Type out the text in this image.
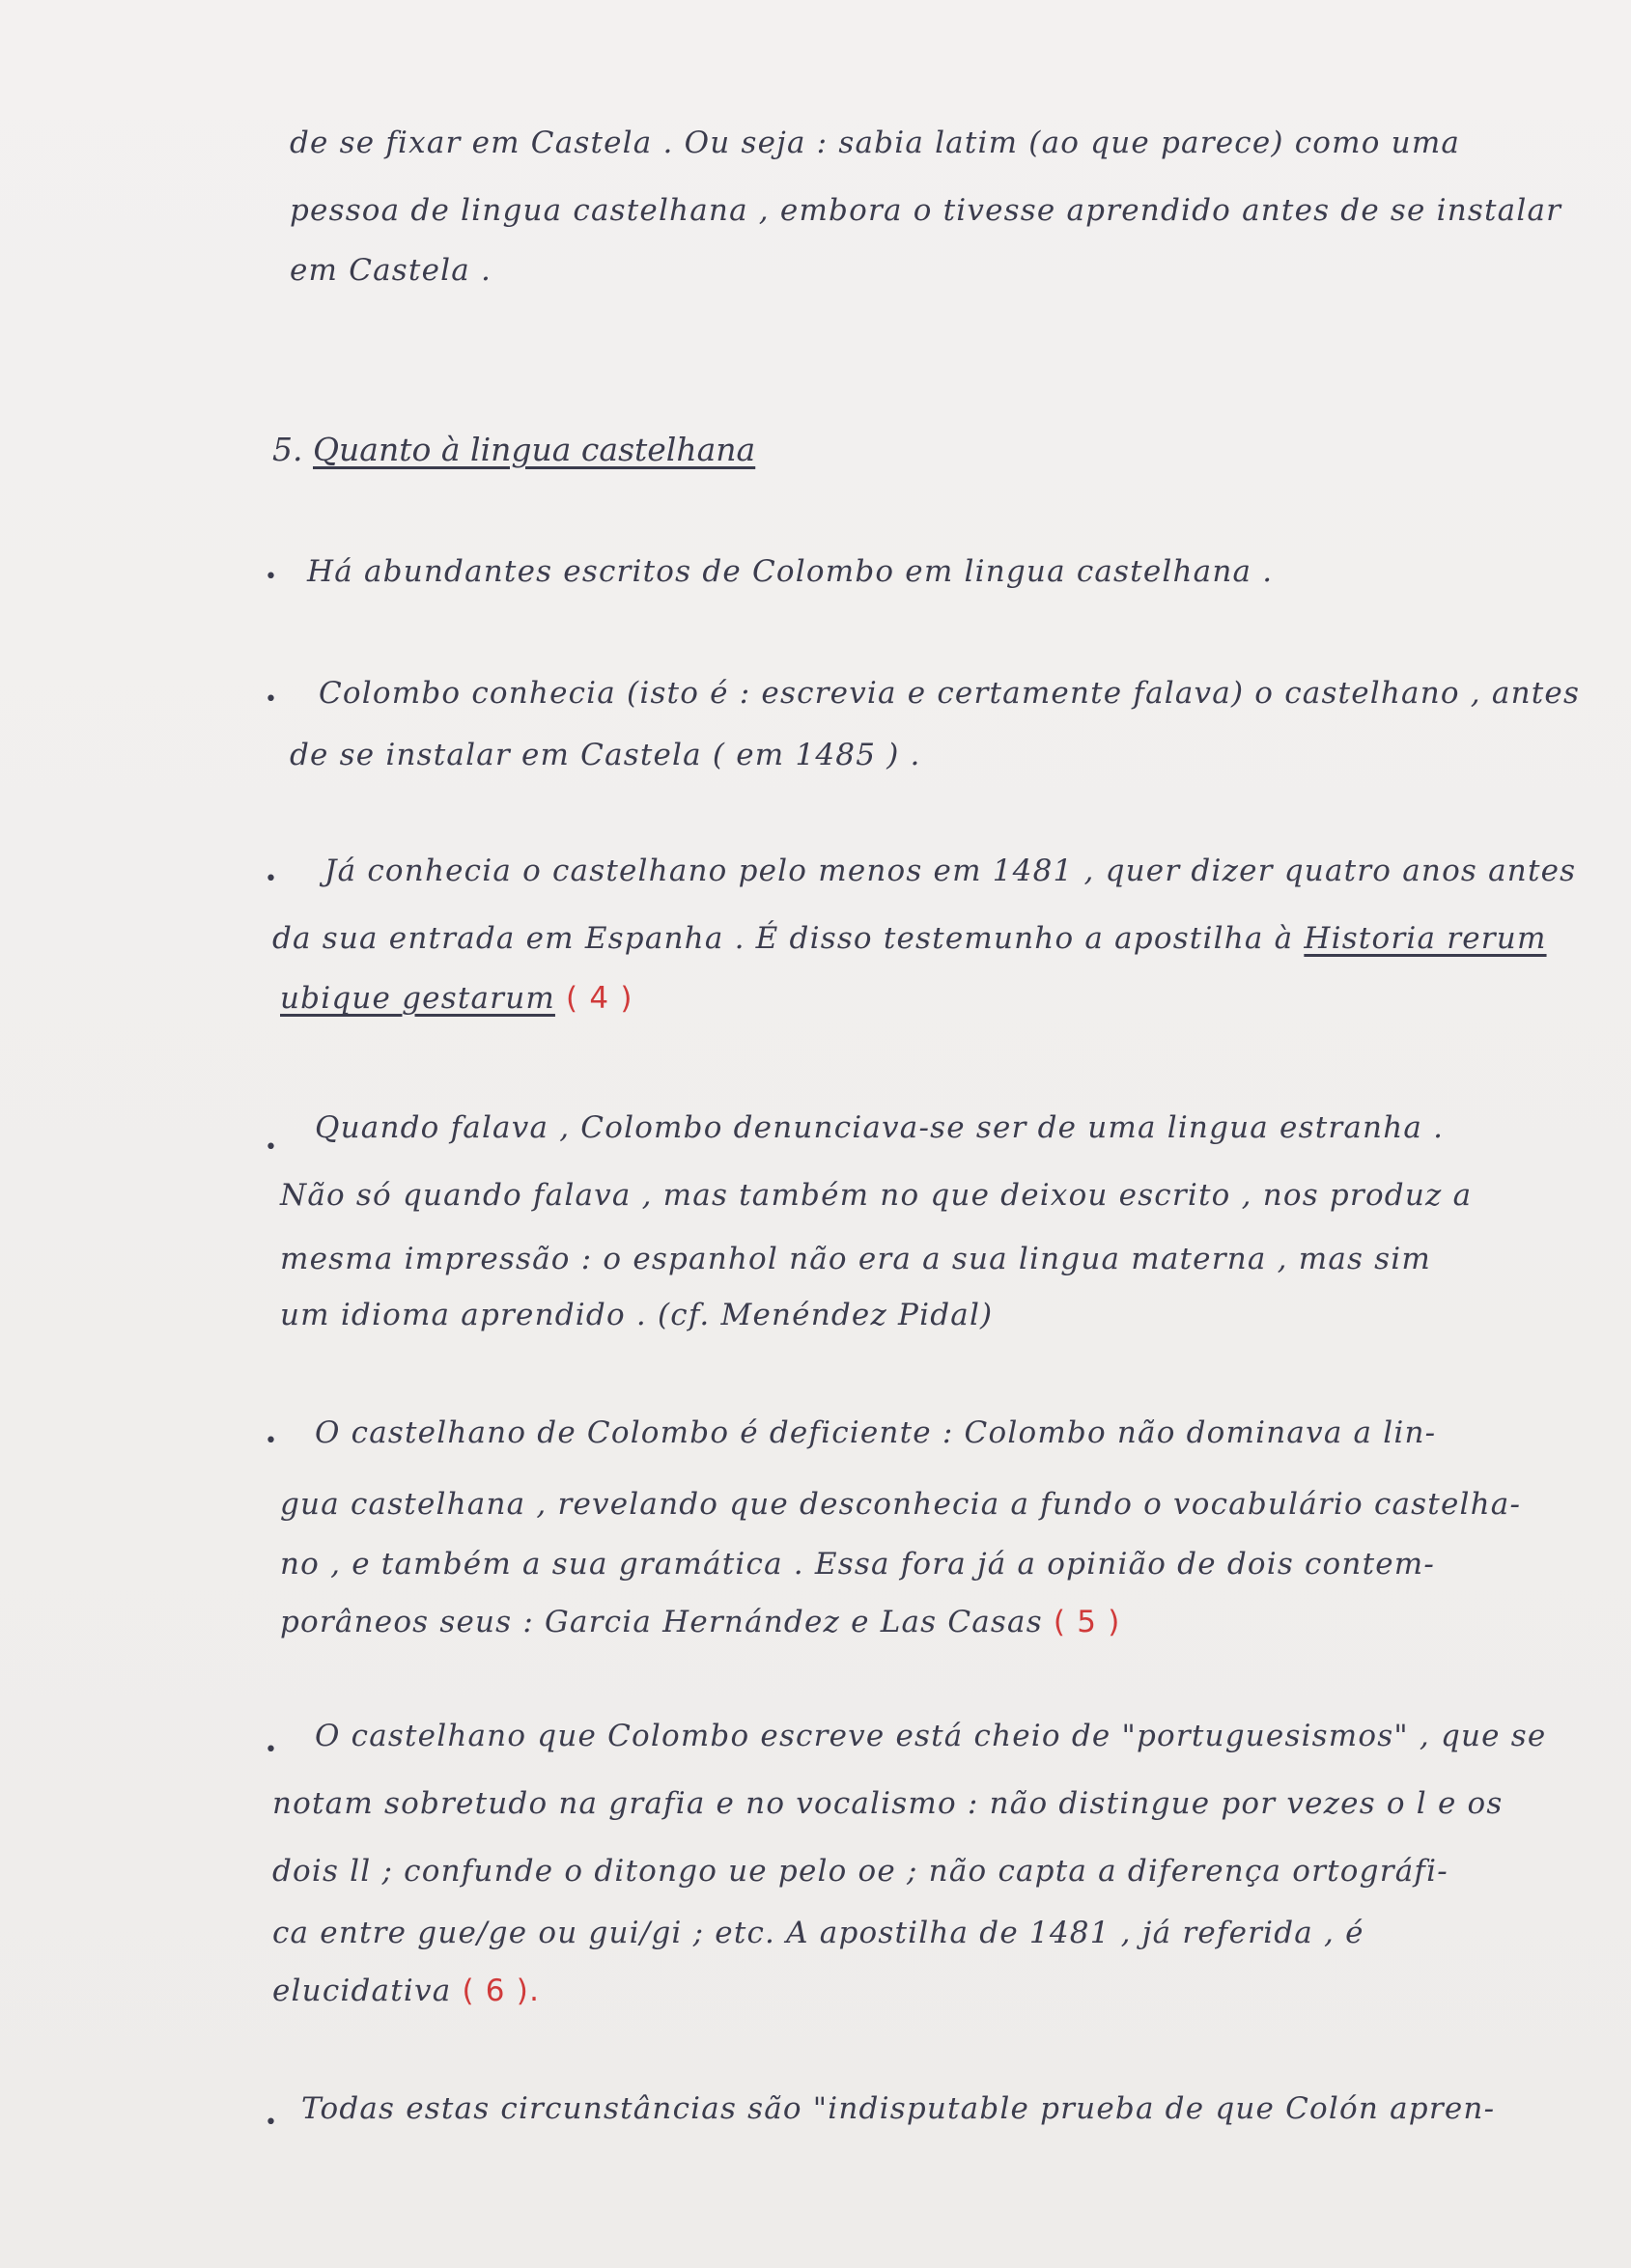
de se fixar em Castela . Ou seja : sabia latim (ao que parece) como uma
pessoa de lingua castelhana , embora o tivesse aprendido antes de se instalar
em Castela .
5. Quanto à lingua castelhana
• Há abundantes escritos de Colombo em lingua castelhana .
• Colombo conhecia (isto é : escrevia e certamente falava) o castelhano , antes
de se instalar em Castela ( em 1485 ) .
• Já conhecia o castelhano pelo menos em 1481 , quer dizer quatro anos antes
da sua entrada em Espanha . É disso testemunho a apostilha à Historia rerum
ubique gestarum ( 4 )
•
Quando falava , Colombo denunciava-se ser de uma lingua estranha .
Não só quando falava , mas também no que deixou escrito , nos produz a
mesma impressão : o espanhol não era a sua lingua materna , mas sim
um idioma aprendido . (cf. Menéndez Pidal)
• O castelhano de Colombo é deficiente : Colombo não dominava a lin-
gua castelhana , revelando que desconhecia a fundo o vocabulário castelha-
no , e também a sua gramática . Essa fora já a opinião de dois contem-
porâneos seus : Garcia Hernández e Las Casas ( 5 )
• O castelhano que Colombo escreve está cheio de "portuguesismos" , que se
notam sobretudo na grafia e no vocalismo : não distingue por vezes o l e os
dois ll ; confunde o ditongo ue pelo oe ; não capta a diferença ortográfi-
ca entre gue/ge ou gui/gi ; etc. A apostilha de 1481 , já referida , é
elucidativa ( 6 ).
• Todas estas circunstâncias são "indisputable prueba de que Colón apren-
